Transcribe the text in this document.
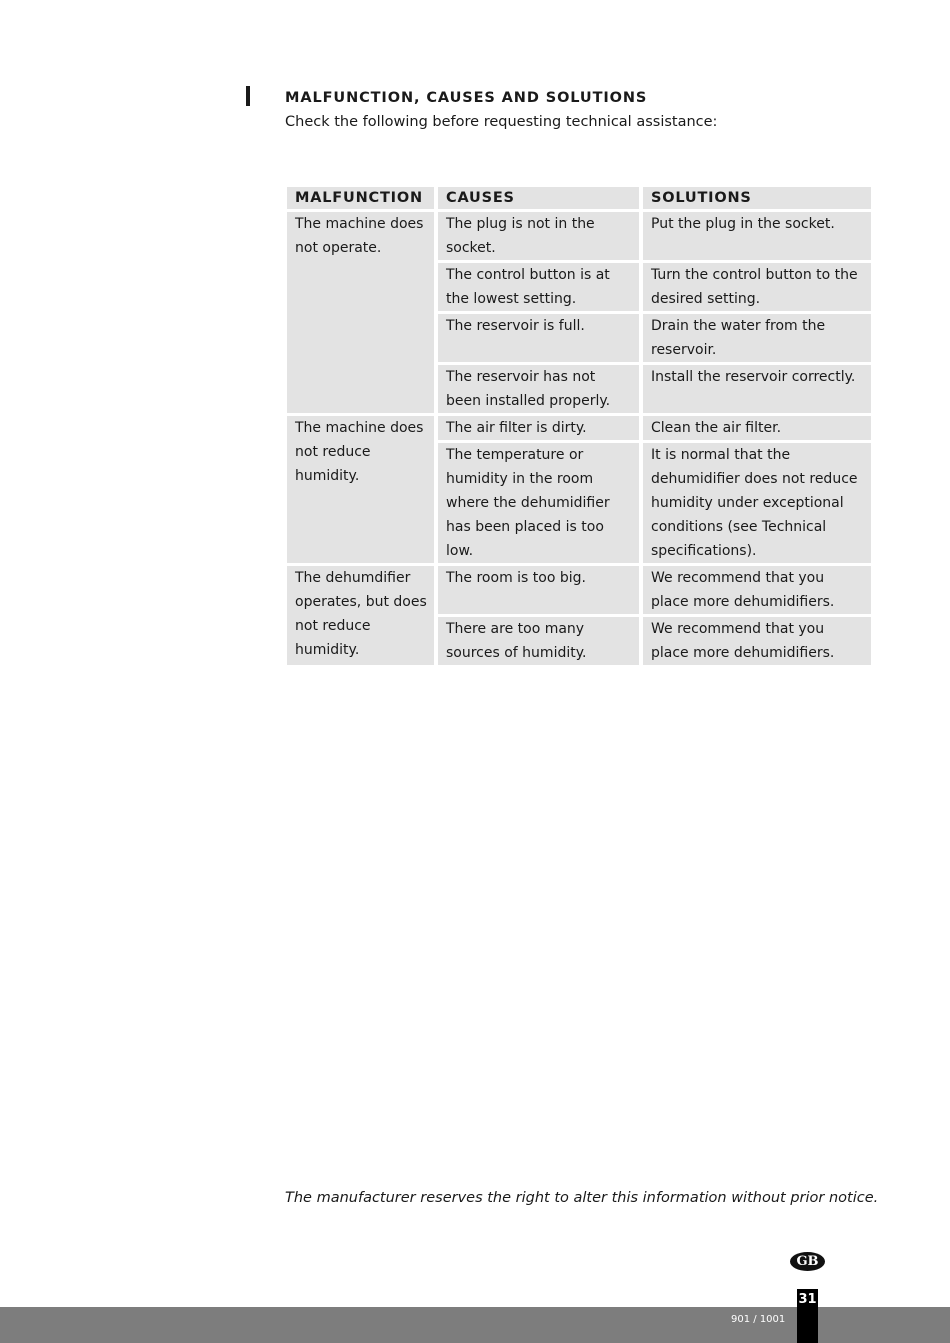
MALFUNCTION, CAUSES AND SOLUTIONS

Check the following before requesting technical assistance:

MALFUNCTION	CAUSES	SOLUTIONS
The machine does not operate.	The plug is not in the socket.	Put the plug in the socket.
	The control button is at the lowest setting.	Turn the control button to the desired setting.
	The reservoir is full.	Drain the water from the reservoir.
	The reservoir has not been installed properly.	Install the reservoir correctly.
The machine does not reduce humidity.	The air filter is dirty.	Clean the air filter.
	The temperature or humidity in the room where the dehumidifier has been placed is too low.	It is normal that the dehumidifier does not reduce humidity under exceptional conditions (see Technical specifications).
The dehumdifier operates, but does not reduce humidity.	The room is too big.	We recommend that you place more dehumidifiers.
	There are too many sources of humidity.	We recommend that you place more dehumidifiers.

The manufacturer reserves the right to alter this information without prior notice.

GB
901 / 1001
31
